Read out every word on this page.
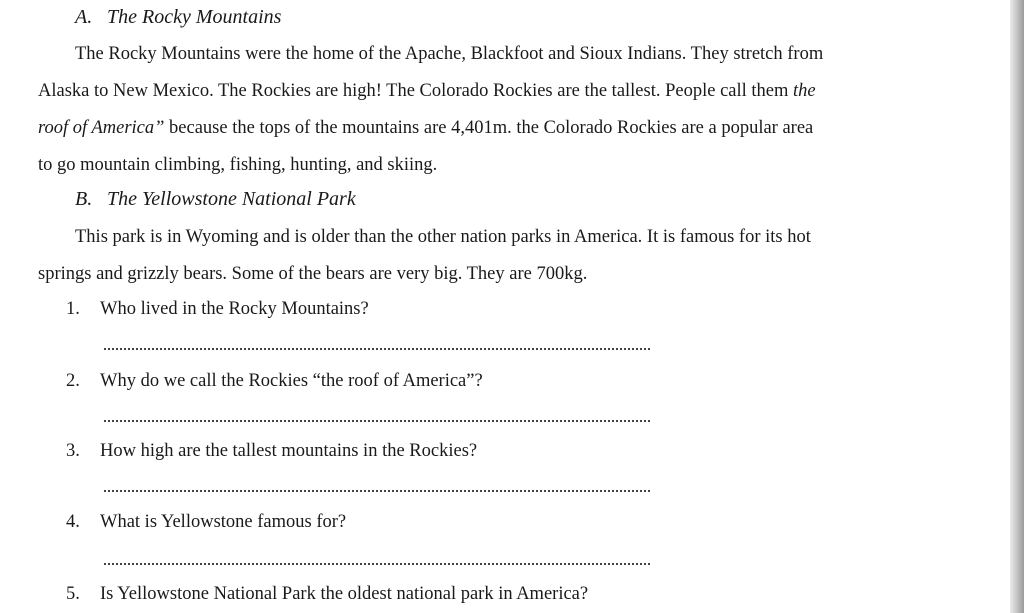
A. The Rocky Mountains
The Rocky Mountains were the home of the Apache, Blackfoot and Sioux Indians. They stretch from
Alaska to New Mexico. The Rockies are high! The Colorado Rockies are the tallest. People call them the
roof of America” because the tops of the mountains are 4,401m. the Colorado Rockies are a popular area
to go mountain climbing, fishing, hunting, and skiing.
B. The Yellowstone National Park
This park is in Wyoming and is older than the other nation parks in America. It is famous for its hot
springs and grizzly bears. Some of the bears are very big. They are 700kg.
1. Who lived in the Rocky Mountains?
2. Why do we call the Rockies “the roof of America”?
3. How high are the tallest mountains in the Rockies?
4. What is Yellowstone famous for?
5. Is Yellowstone National Park the oldest national park in America?
